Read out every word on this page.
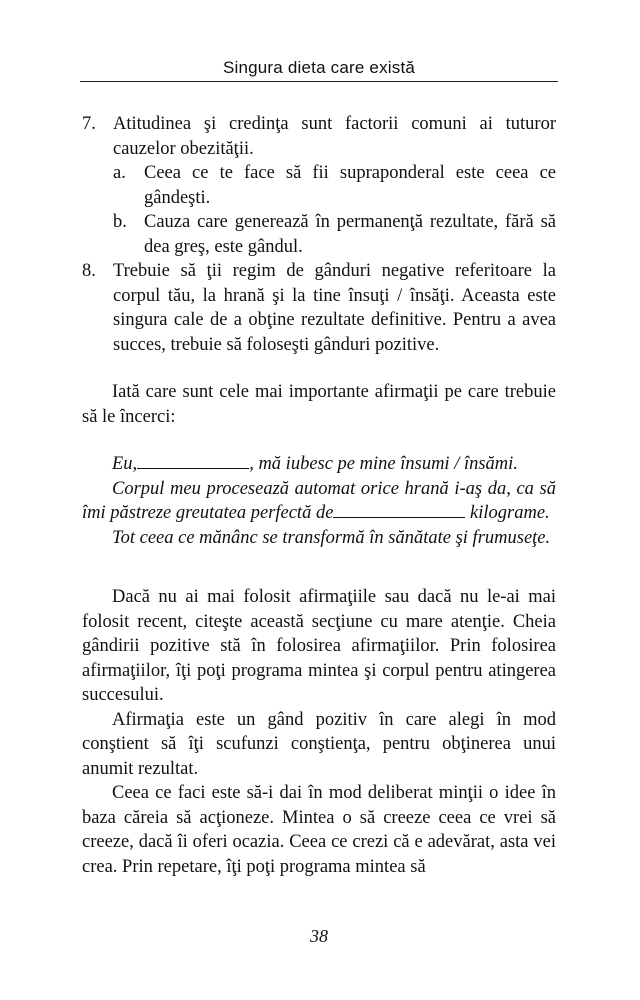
Singura dieta care există
7. Atitudinea şi credinţa sunt factorii comuni ai tuturor cauzelor obezităţii.
a. Ceea ce te face să fii supraponderal este ceea ce gândeşti.
b. Cauza care generează în permanenţă rezultate, fără să dea greş, este gândul.
8. Trebuie să ţii regim de gânduri negative referitoare la corpul tău, la hrană şi la tine însuţi / însăţi. Aceasta este singura cale de a obţine rezultate definitive. Pentru a avea succes, trebuie să foloseşti gânduri pozitive.

Iată care sunt cele mai importante afirmaţii pe care trebuie să le încerci:

Eu,	, mă iubesc pe mine însumi / însămi.
Corpul meu procesează automat orice hrană i-aş da, ca să îmi păstreze greutatea perfectă de	kilograme.
Tot ceea ce mănânc se transformă în sănătate şi frumuseţe.

Dacă nu ai mai folosit afirmaţiile sau dacă nu le-ai mai folosit recent, citeşte această secţiune cu mare atenţie. Cheia gândirii pozitive stă în folosirea afirmaţiilor. Prin folosirea afirmaţiilor, îţi poţi programa mintea şi corpul pentru atingerea succesului.

Afirmaţia este un gând pozitiv în care alegi în mod conştient să îţi scufunzi conştienţa, pentru obţinerea unui anumit rezultat.

Ceea ce faci este să-i dai în mod deliberat minţii o idee în baza căreia să acţioneze. Mintea o să creeze ceea ce vrei să creeze, dacă îi oferi ocazia. Ceea ce crezi că e adevărat, asta vei crea. Prin repetare, îţi poţi programa mintea să

38
